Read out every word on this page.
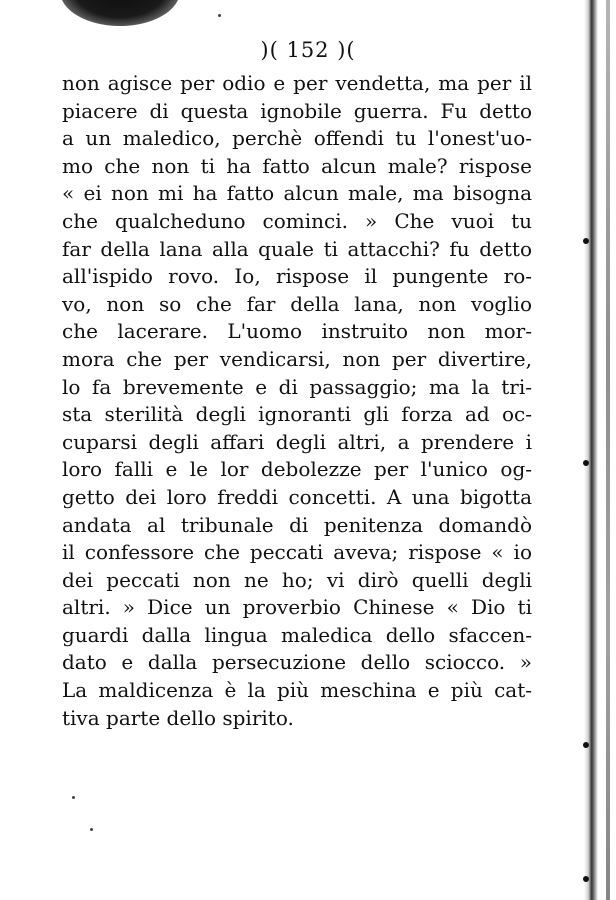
)( 152 )(
non agisce per odio e per vendetta, ma per il
piacere di questa ignobile guerra. Fu detto
a un maledico, perchè offendi tu l'onest'uo-
mo che non ti ha fatto alcun male? rispose
« ei non mi ha fatto alcun male, ma bisogna
che qualcheduno cominci. » Che vuoi tu
far della lana alla quale ti attacchi? fu detto
all'ispido rovo. Io, rispose il pungente ro-
vo, non so che far della lana, non voglio
che lacerare. L'uomo instruito non mor-
mora che per vendicarsi, non per divertire,
lo fa brevemente e di passaggio; ma la tri-
sta sterilità degli ignoranti gli forza ad oc-
cuparsi degli affari degli altri, a prendere i
loro falli e le lor debolezze per l'unico og-
getto dei loro freddi concetti. A una bigotta
andata al tribunale di penitenza domandò
il confessore che peccati aveva; rispose « io
dei peccati non ne ho; vi dirò quelli degli
altri. » Dice un proverbio Chinese « Dio ti
guardi dalla lingua maledica dello sfaccen-
dato e dalla persecuzione dello sciocco. »
La maldicenza è la più meschina e più cat-
tiva parte dello spirito.
